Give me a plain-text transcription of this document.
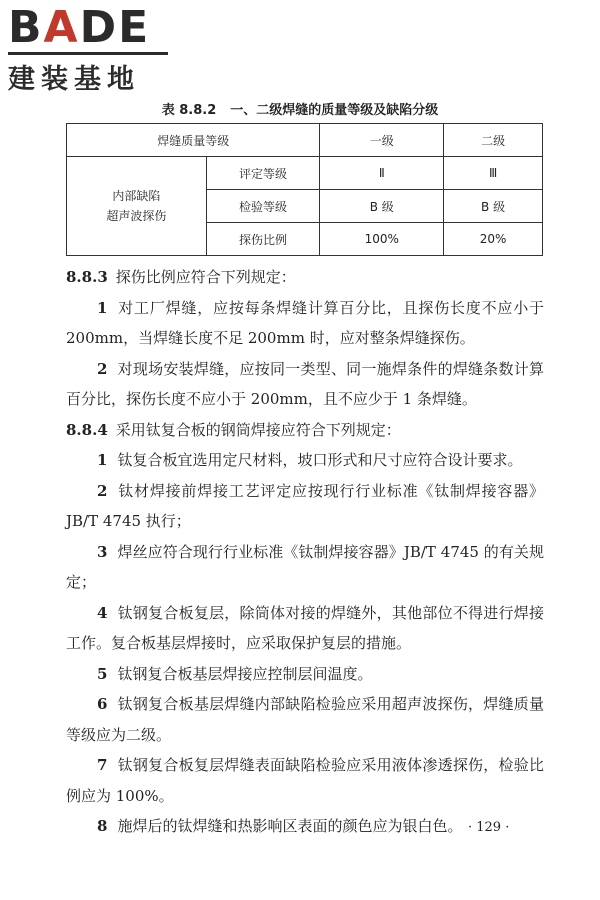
BADE
建装基地
表 8.8.2 一、二级焊缝的质量等级及缺陷分级
焊缝质量等级		一级	二级

内部缺陷
超声波探伤	评定等级	Ⅱ	Ⅲ
	检验等级	B 级	B 级
	探伤比例	100%	20%
8.8.3 探伤比例应符合下列规定：
1 对工厂焊缝，应按每条焊缝计算百分比，且探伤长度不应小于 200mm，当焊缝长度不足 200mm 时，应对整条焊缝探伤。
2 对现场安装焊缝，应按同一类型、同一施焊条件的焊缝条数计算百分比，探伤长度不应小于 200mm，且不应少于 1 条焊缝。
8.8.4 采用钛复合板的钢筒焊接应符合下列规定：
1 钛复合板宜选用定尺材料，坡口形式和尺寸应符合设计要求。
2 钛材焊接前焊接工艺评定应按现行行业标准《钛制焊接容器》JB/T 4745 执行；
3 焊丝应符合现行行业标准《钛制焊接容器》JB/T 4745 的有关规定；
4 钛钢复合板复层，除筒体对接的焊缝外，其他部位不得进行焊接工作。复合板基层焊接时，应采取保护复层的措施。
5 钛钢复合板基层焊接应控制层间温度。
6 钛钢复合板基层焊缝内部缺陷检验应采用超声波探伤，焊缝质量等级应为二级。
7 钛钢复合板复层焊缝表面缺陷检验应采用液体渗透探伤，检验比例应为 100%。
8 施焊后的钛焊缝和热影响区表面的颜色应为银白色。 · 129 ·
